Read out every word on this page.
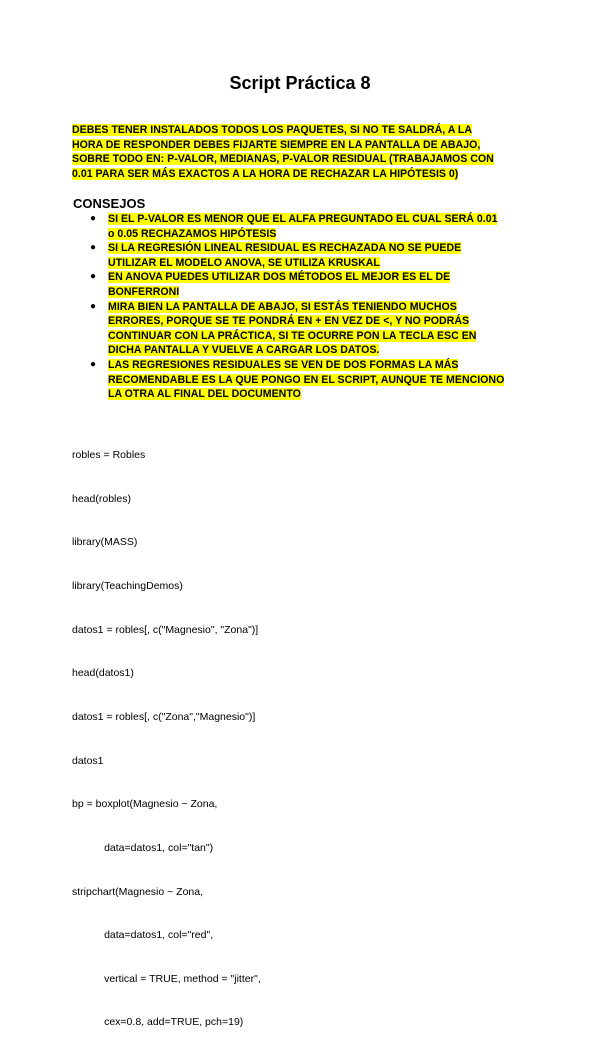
Script Práctica 8

DEBES TENER INSTALADOS TODOS LOS PAQUETES, SI NO TE SALDRÁ, A LA
HORA DE RESPONDER DEBES FIJARTE SIEMPRE EN LA PANTALLA DE ABAJO,
SOBRE TODO EN: P-VALOR, MEDIANAS, P-VALOR RESIDUAL (TRABAJAMOS CON
0.01 PARA SER MÁS EXACTOS A LA HORA DE RECHAZAR LA HIPÓTESIS 0)

CONSEJOS
● SI EL P-VALOR ES MENOR QUE EL ALFA PREGUNTADO EL CUAL SERÁ 0.01
o 0.05 RECHAZAMOS HIPÓTESIS
● SI LA REGRESIÓN LINEAL RESIDUAL ES RECHAZADA NO SE PUEDE
UTILIZAR EL MODELO ANOVA, SE UTILIZA KRUSKAL
● EN ANOVA PUEDES UTILIZAR DOS MÉTODOS EL MEJOR ES EL DE
BONFERRONI
● MIRA BIEN LA PANTALLA DE ABAJO, SI ESTÁS TENIENDO MUCHOS
ERRORES, PORQUE SE TE PONDRÁ EN + EN VEZ DE <, Y NO PODRÁS
CONTINUAR CON LA PRÁCTICA, SI TE OCURRE PON LA TECLA ESC EN
DICHA PANTALLA Y VUELVE A CARGAR LOS DATOS.
● LAS REGRESIONES RESIDUALES SE VEN DE DOS FORMAS LA MÁS
RECOMENDABLE ES LA QUE PONGO EN EL SCRIPT, AUNQUE TE MENCIONO
LA OTRA AL FINAL DEL DOCUMENTO

robles = Robles

head(robles)

library(MASS)

library(TeachingDemos)

datos1 = robles[, c("Magnesio", "Zona")]

head(datos1)

datos1 = robles[, c("Zona","Magnesio")]

datos1

bp = boxplot(Magnesio ~ Zona,

data=datos1, col="tan")

stripchart(Magnesio ~ Zona,

data=datos1, col="red",

vertical = TRUE, method = "jitter",

cex=0.8, add=TRUE, pch=19)
